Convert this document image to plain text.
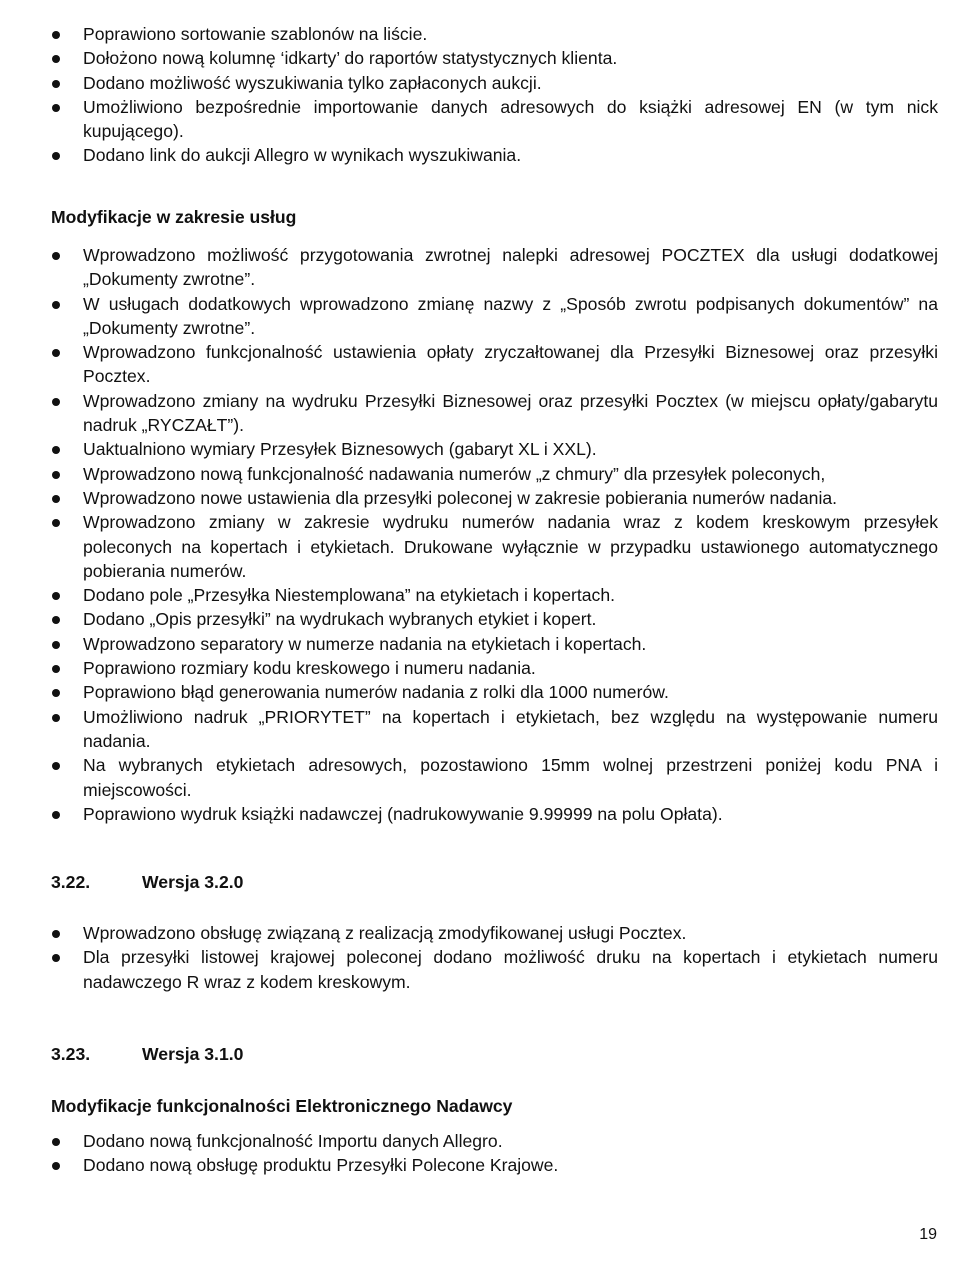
Poprawiono sortowanie szablonów na liście.
Dołożono nową kolumnę ‘idkarty’ do raportów statystycznych klienta.
Dodano możliwość wyszukiwania tylko zapłaconych aukcji.
Umożliwiono bezpośrednie importowanie danych adresowych do książki adresowej EN (w tym nick kupującego).
Dodano link do aukcji Allegro w wynikach wyszukiwania.
Modyfikacje w zakresie usług
Wprowadzono możliwość przygotowania zwrotnej nalepki adresowej POCZTEX dla usługi dodatkowej „Dokumenty zwrotne”.
W usługach dodatkowych wprowadzono zmianę nazwy z „Sposób zwrotu podpisanych dokumentów” na „Dokumenty zwrotne”.
Wprowadzono funkcjonalność ustawienia opłaty zryczałtowanej dla Przesyłki Biznesowej oraz przesyłki Pocztex.
Wprowadzono zmiany na wydruku Przesyłki Biznesowej oraz przesyłki Pocztex (w miejscu opłaty/gabarytu nadruk „RYCZAŁT”).
Uaktualniono wymiary Przesyłek Biznesowych (gabaryt XL i XXL).
Wprowadzono nową funkcjonalność nadawania numerów „z chmury” dla przesyłek poleconych,
Wprowadzono nowe ustawienia dla przesyłki poleconej w zakresie pobierania numerów nadania.
Wprowadzono zmiany w zakresie wydruku numerów nadania wraz z kodem kreskowym przesyłek poleconych na kopertach i etykietach. Drukowane wyłącznie w przypadku ustawionego automatycznego pobierania numerów.
Dodano pole „Przesyłka Niestemplowana” na etykietach i kopertach.
Dodano „Opis przesyłki” na wydrukach wybranych etykiet i kopert.
Wprowadzono separatory w numerze nadania na etykietach i kopertach.
Poprawiono rozmiary kodu kreskowego i numeru nadania.
Poprawiono błąd generowania numerów nadania z rolki dla 1000 numerów.
Umożliwiono nadruk „PRIORYTET” na kopertach i etykietach, bez względu na występowanie numeru nadania.
Na wybranych etykietach adresowych, pozostawiono 15mm wolnej przestrzeni poniżej kodu PNA i miejscowości.
Poprawiono wydruk książki nadawczej (nadrukowywanie 9.99999 na polu Opłata).
3.22.	Wersja 3.2.0
Wprowadzono obsługę związaną z realizacją zmodyfikowanej usługi Pocztex.
Dla przesyłki listowej krajowej poleconej dodano możliwość druku na kopertach i etykietach numeru nadawczego R wraz z kodem kreskowym.
3.23.	Wersja 3.1.0
Modyfikacje funkcjonalności Elektronicznego Nadawcy
Dodano nową funkcjonalność Importu danych Allegro.
Dodano nową obsługę produktu Przesyłki Polecone Krajowe.
19
